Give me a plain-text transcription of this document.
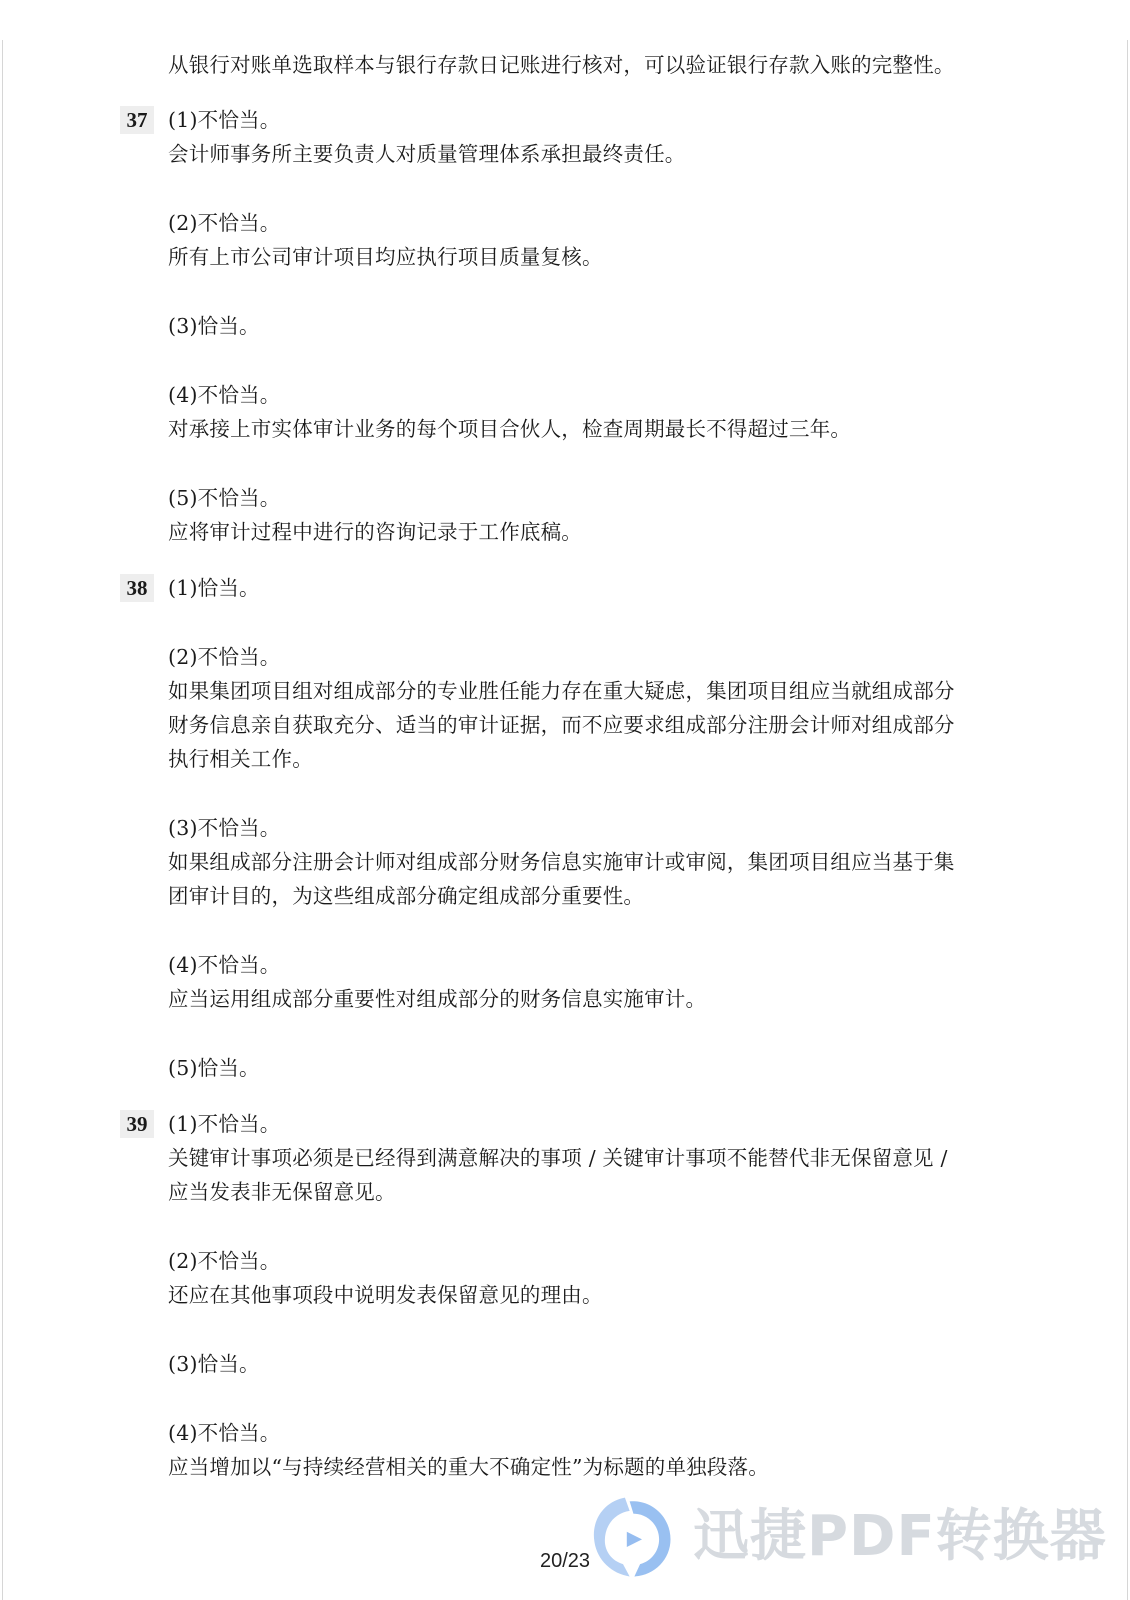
从银行对账单选取样本与银行存款日记账进行核对，可以验证银行存款入账的完整性。
37	(1)不恰当。
会计师事务所主要负责人对质量管理体系承担最终责任。
(2)不恰当。
所有上市公司审计项目均应执行项目质量复核。
(3)恰当。
(4)不恰当。
对承接上市实体审计业务的每个项目合伙人，检查周期最长不得超过三年。
(5)不恰当。
应将审计过程中进行的咨询记录于工作底稿。
38	(1)恰当。
(2)不恰当。
如果集团项目组对组成部分的专业胜任能力存在重大疑虑，集团项目组应当就组成部分
财务信息亲自获取充分、适当的审计证据，而不应要求组成部分注册会计师对组成部分
执行相关工作。
(3)不恰当。
如果组成部分注册会计师对组成部分财务信息实施审计或审阅，集团项目组应当基于集
团审计目的，为这些组成部分确定组成部分重要性。
(4)不恰当。
应当运用组成部分重要性对组成部分的财务信息实施审计。
(5)恰当。
39	(1)不恰当。
关键审计事项必须是已经得到满意解决的事项 / 关键审计事项不能替代非无保留意见 /
应当发表非无保留意见。
(2)不恰当。
还应在其他事项段中说明发表保留意见的理由。
(3)恰当。
(4)不恰当。
应当增加以“与持续经营相关的重大不确定性”为标题的单独段落。
迅捷PDF转换器
20/23
